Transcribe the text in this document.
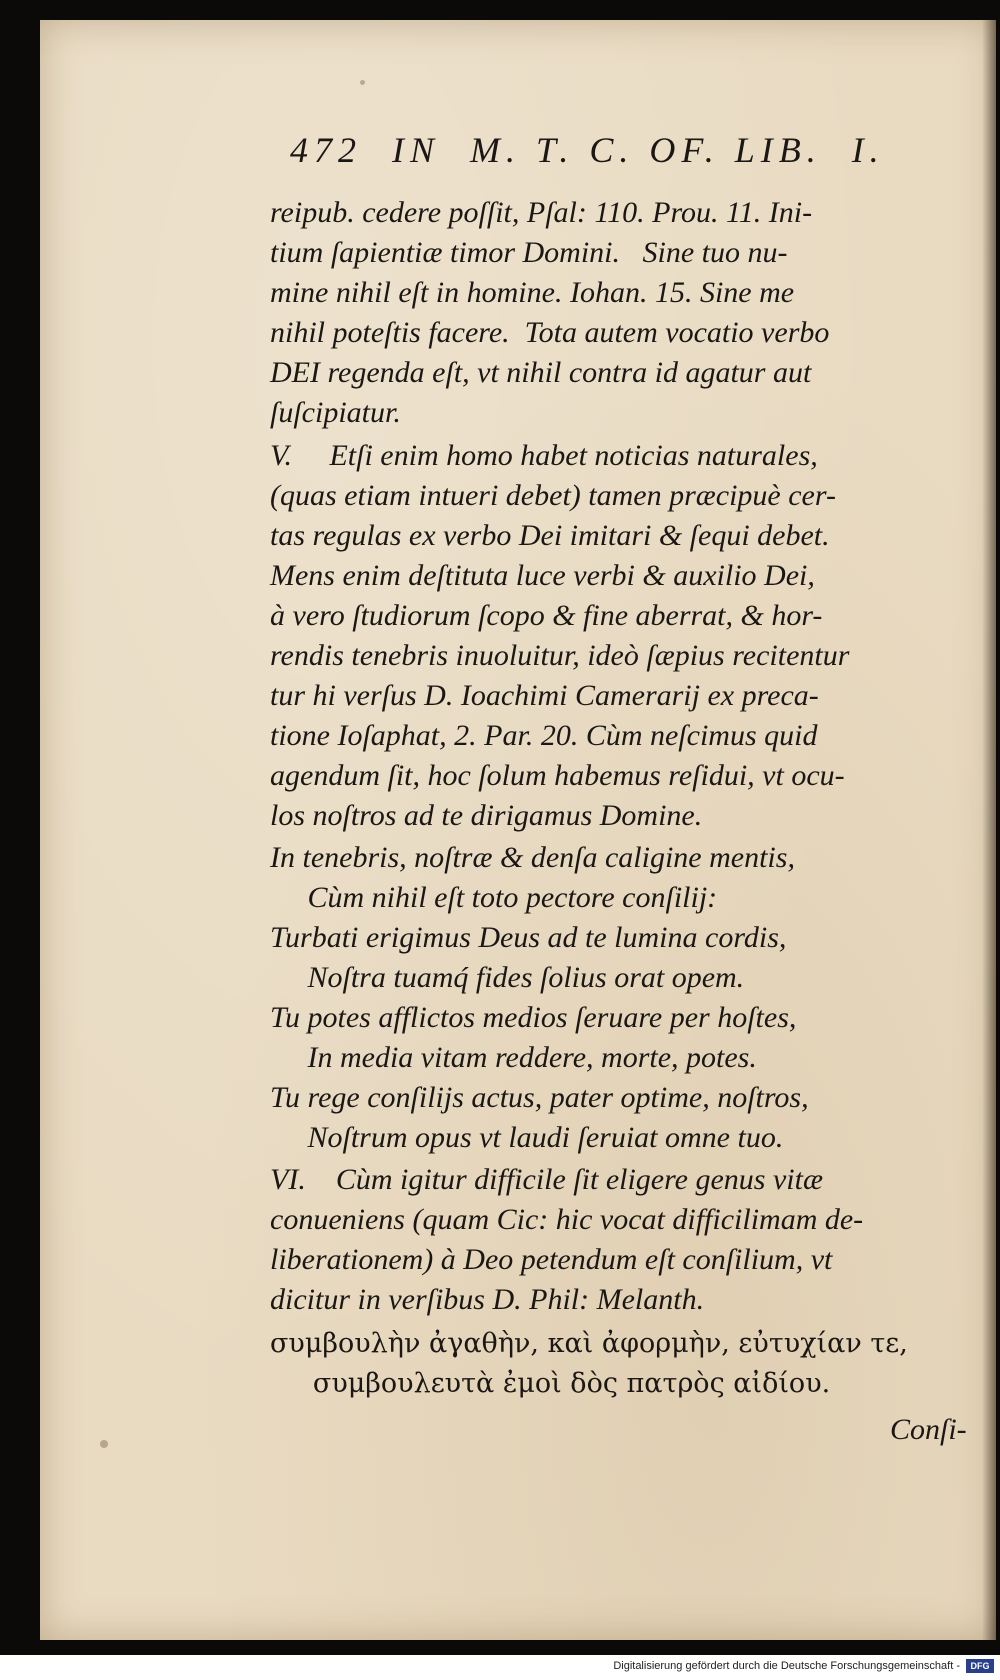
472  IN  M. T. C. OF. LIB.  I.
reipub. cedere poſſit, Pſal: 110. Prou. 11. Ini-
tium ſapientiæ timor Domini.   Sine tuo nu-
mine nihil eſt in homine. Iohan. 15. Sine me
nihil poteſtis facere.  Tota autem vocatio verbo
DEI regenda eſt, vt nihil contra id agatur aut
ſuſcipiatur.
V.     Etſi enim homo habet noticias naturales,
(quas etiam intueri debet) tamen præcipuè cer-
tas regulas ex verbo Dei imitari & ſequi debet.
Mens enim deſtituta luce verbi & auxilio Dei,
à vero ſtudiorum ſcopo & fine aberrat, & hor-
rendis tenebris inuoluitur, ideò ſæpius recitentur
tur hi verſus D. Ioachimi Camerarij ex preca-
tione Ioſaphat, 2. Par. 20. Cùm neſcimus quid
agendum ſit, hoc ſolum habemus reſidui, vt ocu-
los noſtros ad te dirigamus Domine.
In tenebris, noſtræ & denſa caligine mentis,
Cùm nihil eſt toto pectore conſilij:
Turbati erigimus Deus ad te lumina cordis,
Noſtra tuamq́ fides ſolius orat opem.
Tu potes afflictos medios ſeruare per hoſtes,
In media vitam reddere, morte, potes.
Tu rege conſilijs actus, pater optime, noſtros,
Noſtrum opus vt laudi ſeruiat omne tuo.
VI.    Cùm igitur difficile ſit eligere genus vitæ
conueniens (quam Cic: hic vocat difficilimam de-
liberationem) à Deo petendum eſt conſilium, vt
dicitur in verſibus D. Phil: Melanth.
συμβουλὴν ἀγαθὴν, καὶ ἀφορμὴν, εὐτυχίαν τε,
συμβουλευτὰ ἐμοὶ δὸς πατρὸς αἰδίου.
Conſi-
Digitalisierung gefördert durch die Deutsche Forschungsgemeinschaft -	DFG
